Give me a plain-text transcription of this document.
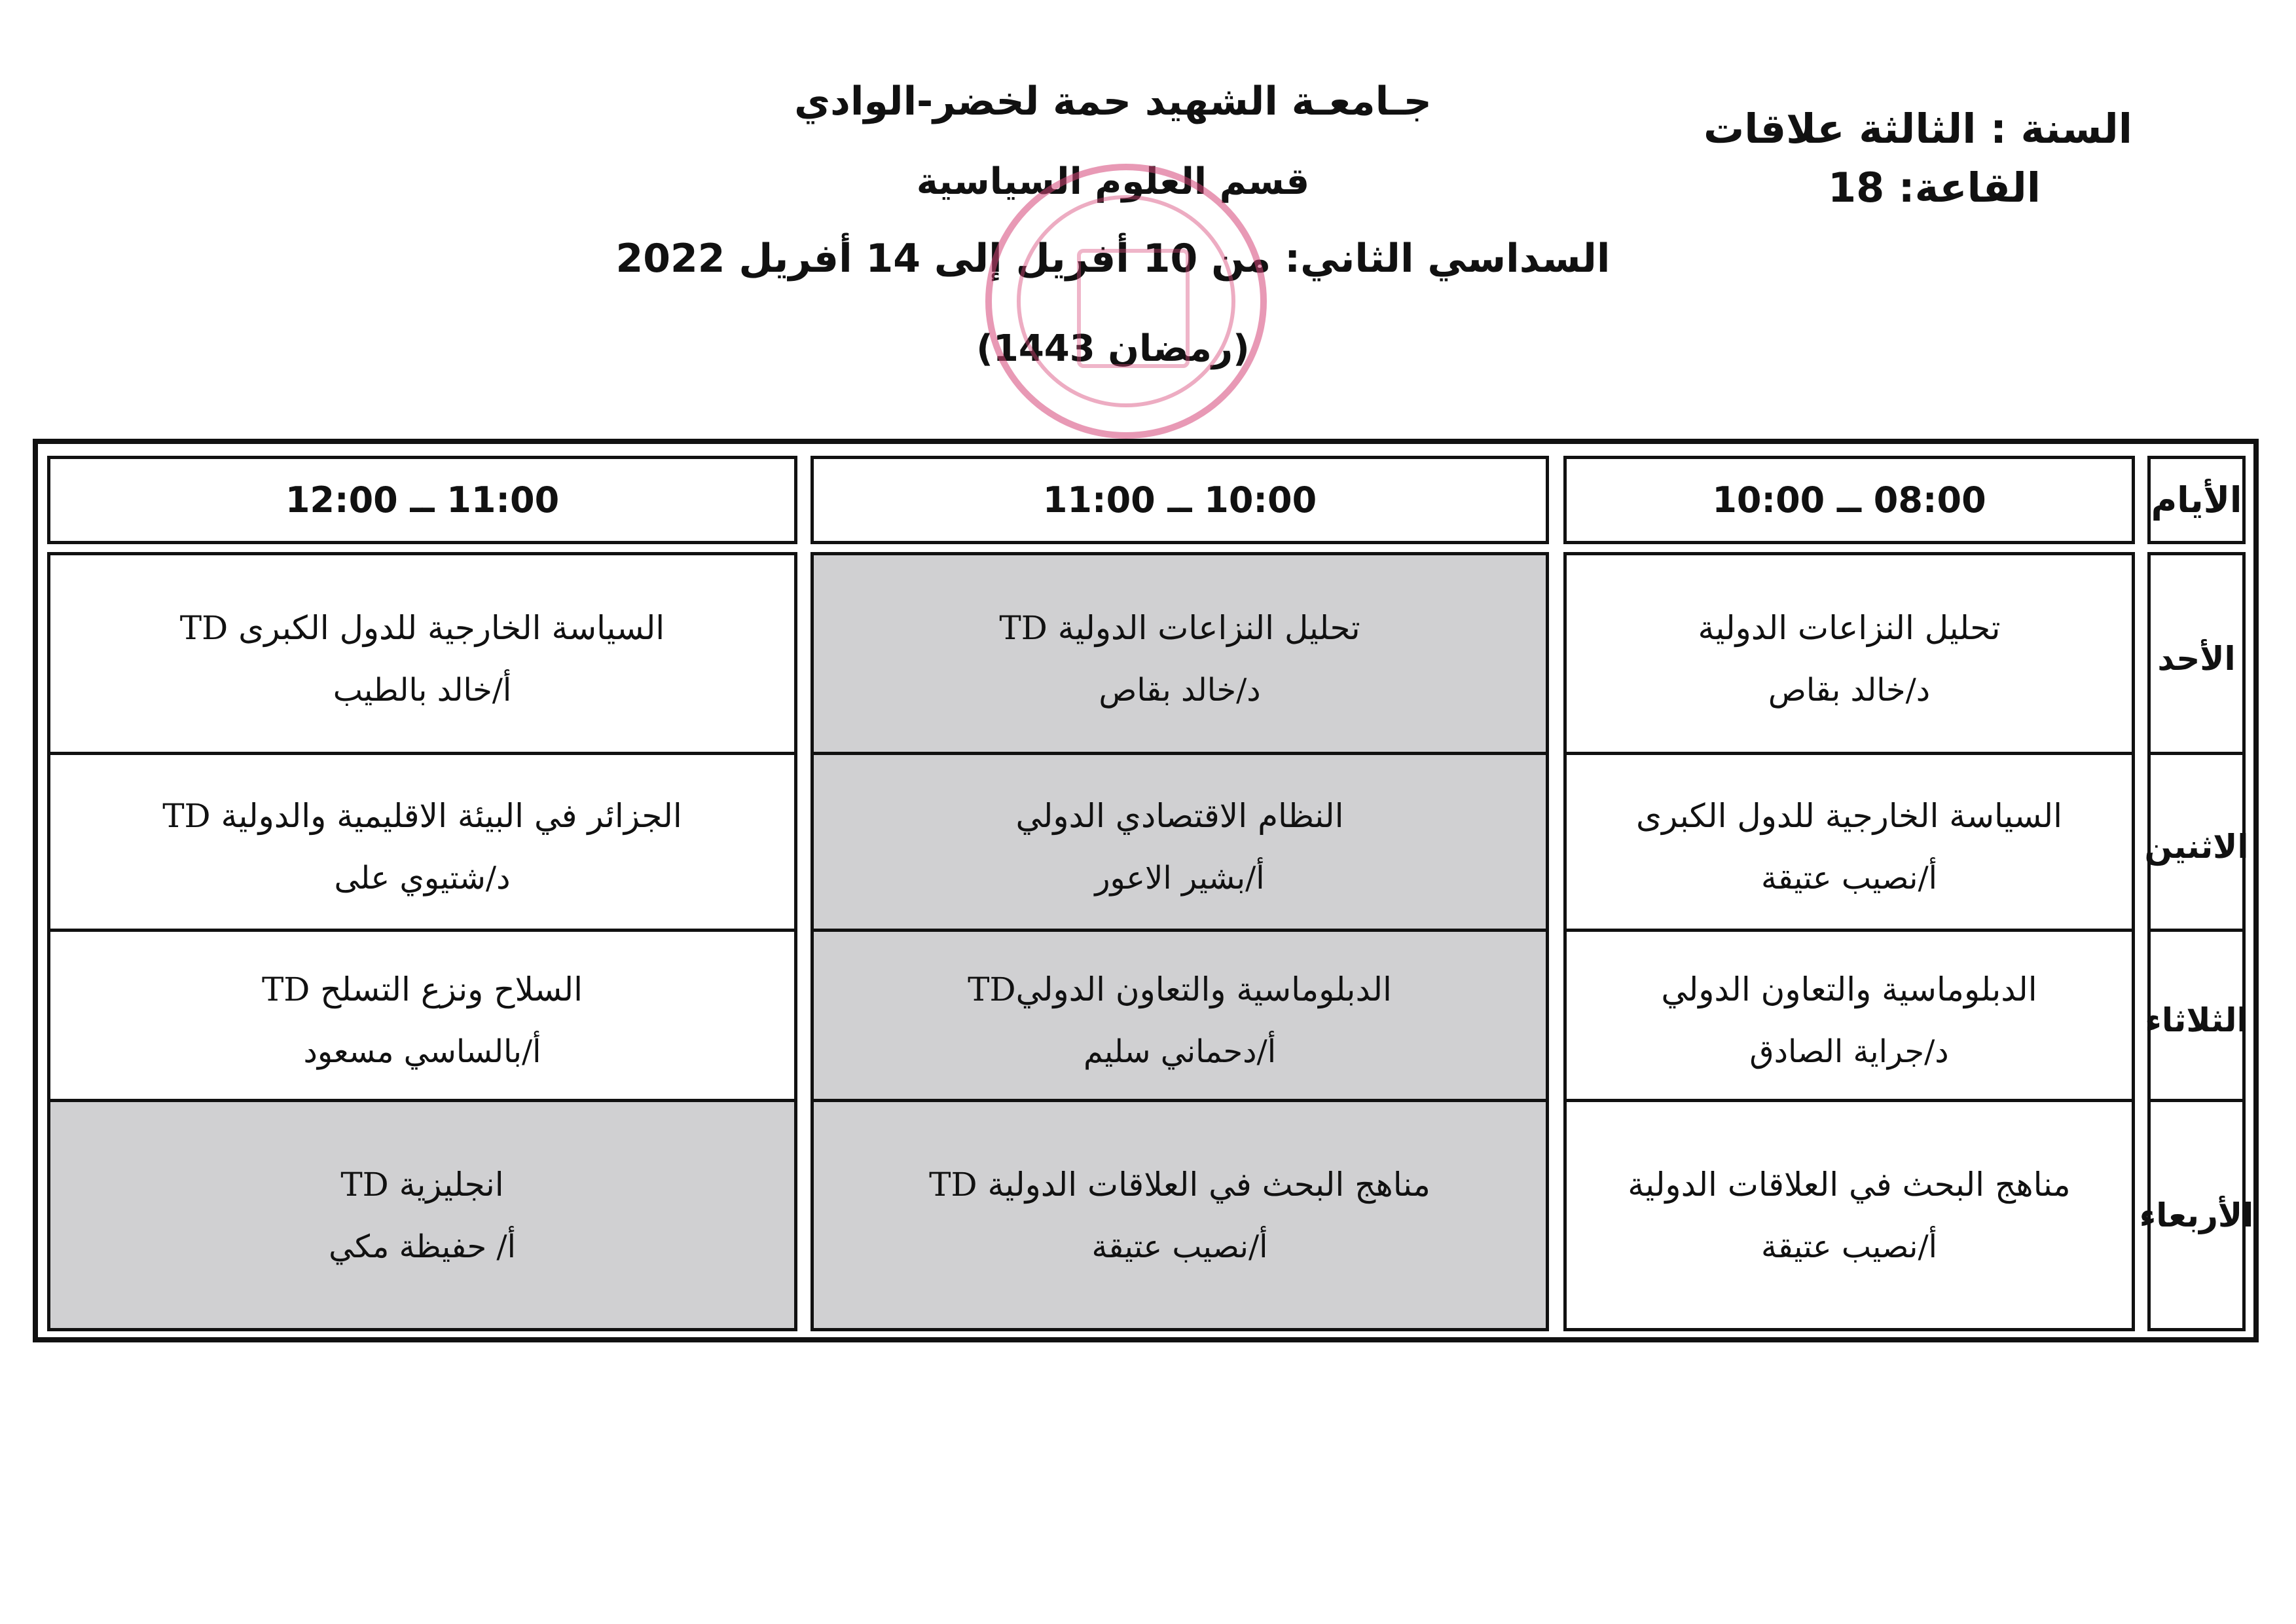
جـامعـة الشهيد حمة لخضر-الوادي
قسم العلوم السياسية
السداسي الثاني: من 10 أفريل إلى 14 أفريل 2022
(رمضان 1443)
السنة : الثالثة علاقات
القاعة: 18
الأيام
08:00 ــ 10:00
10:00 ــ 11:00
11:00 ــ 12:00
الأحد
تحليل النزاعات الدولية
د/خالد بقاص
تحليل النزاعات الدولية TD
د/خالد بقاص
السياسة الخارجية للدول الكبرى TD
أ/خالد بالطيب
الاثنين
السياسة الخارجية للدول الكبرى
أ/نصيب عتيقة
النظام الاقتصادي الدولي
أ/بشير الاعور
الجزائر في البيئة الاقليمية والدولية TD
د/شتيوي على
الثلاثاء
الدبلوماسية والتعاون الدولي
د/جراية الصادق
الدبلوماسية والتعاون الدوليTD
أ/دحماني سليم
السلاح ونزع التسلح TD
أ/بالساسي مسعود
الأربعاء
مناهج البحث في العلاقات الدولية
أ/نصيب عتيقة
مناهج البحث في العلاقات الدولية TD
أ/نصيب عتيقة
انجليزية TD
أ/ حفيظة مكي
